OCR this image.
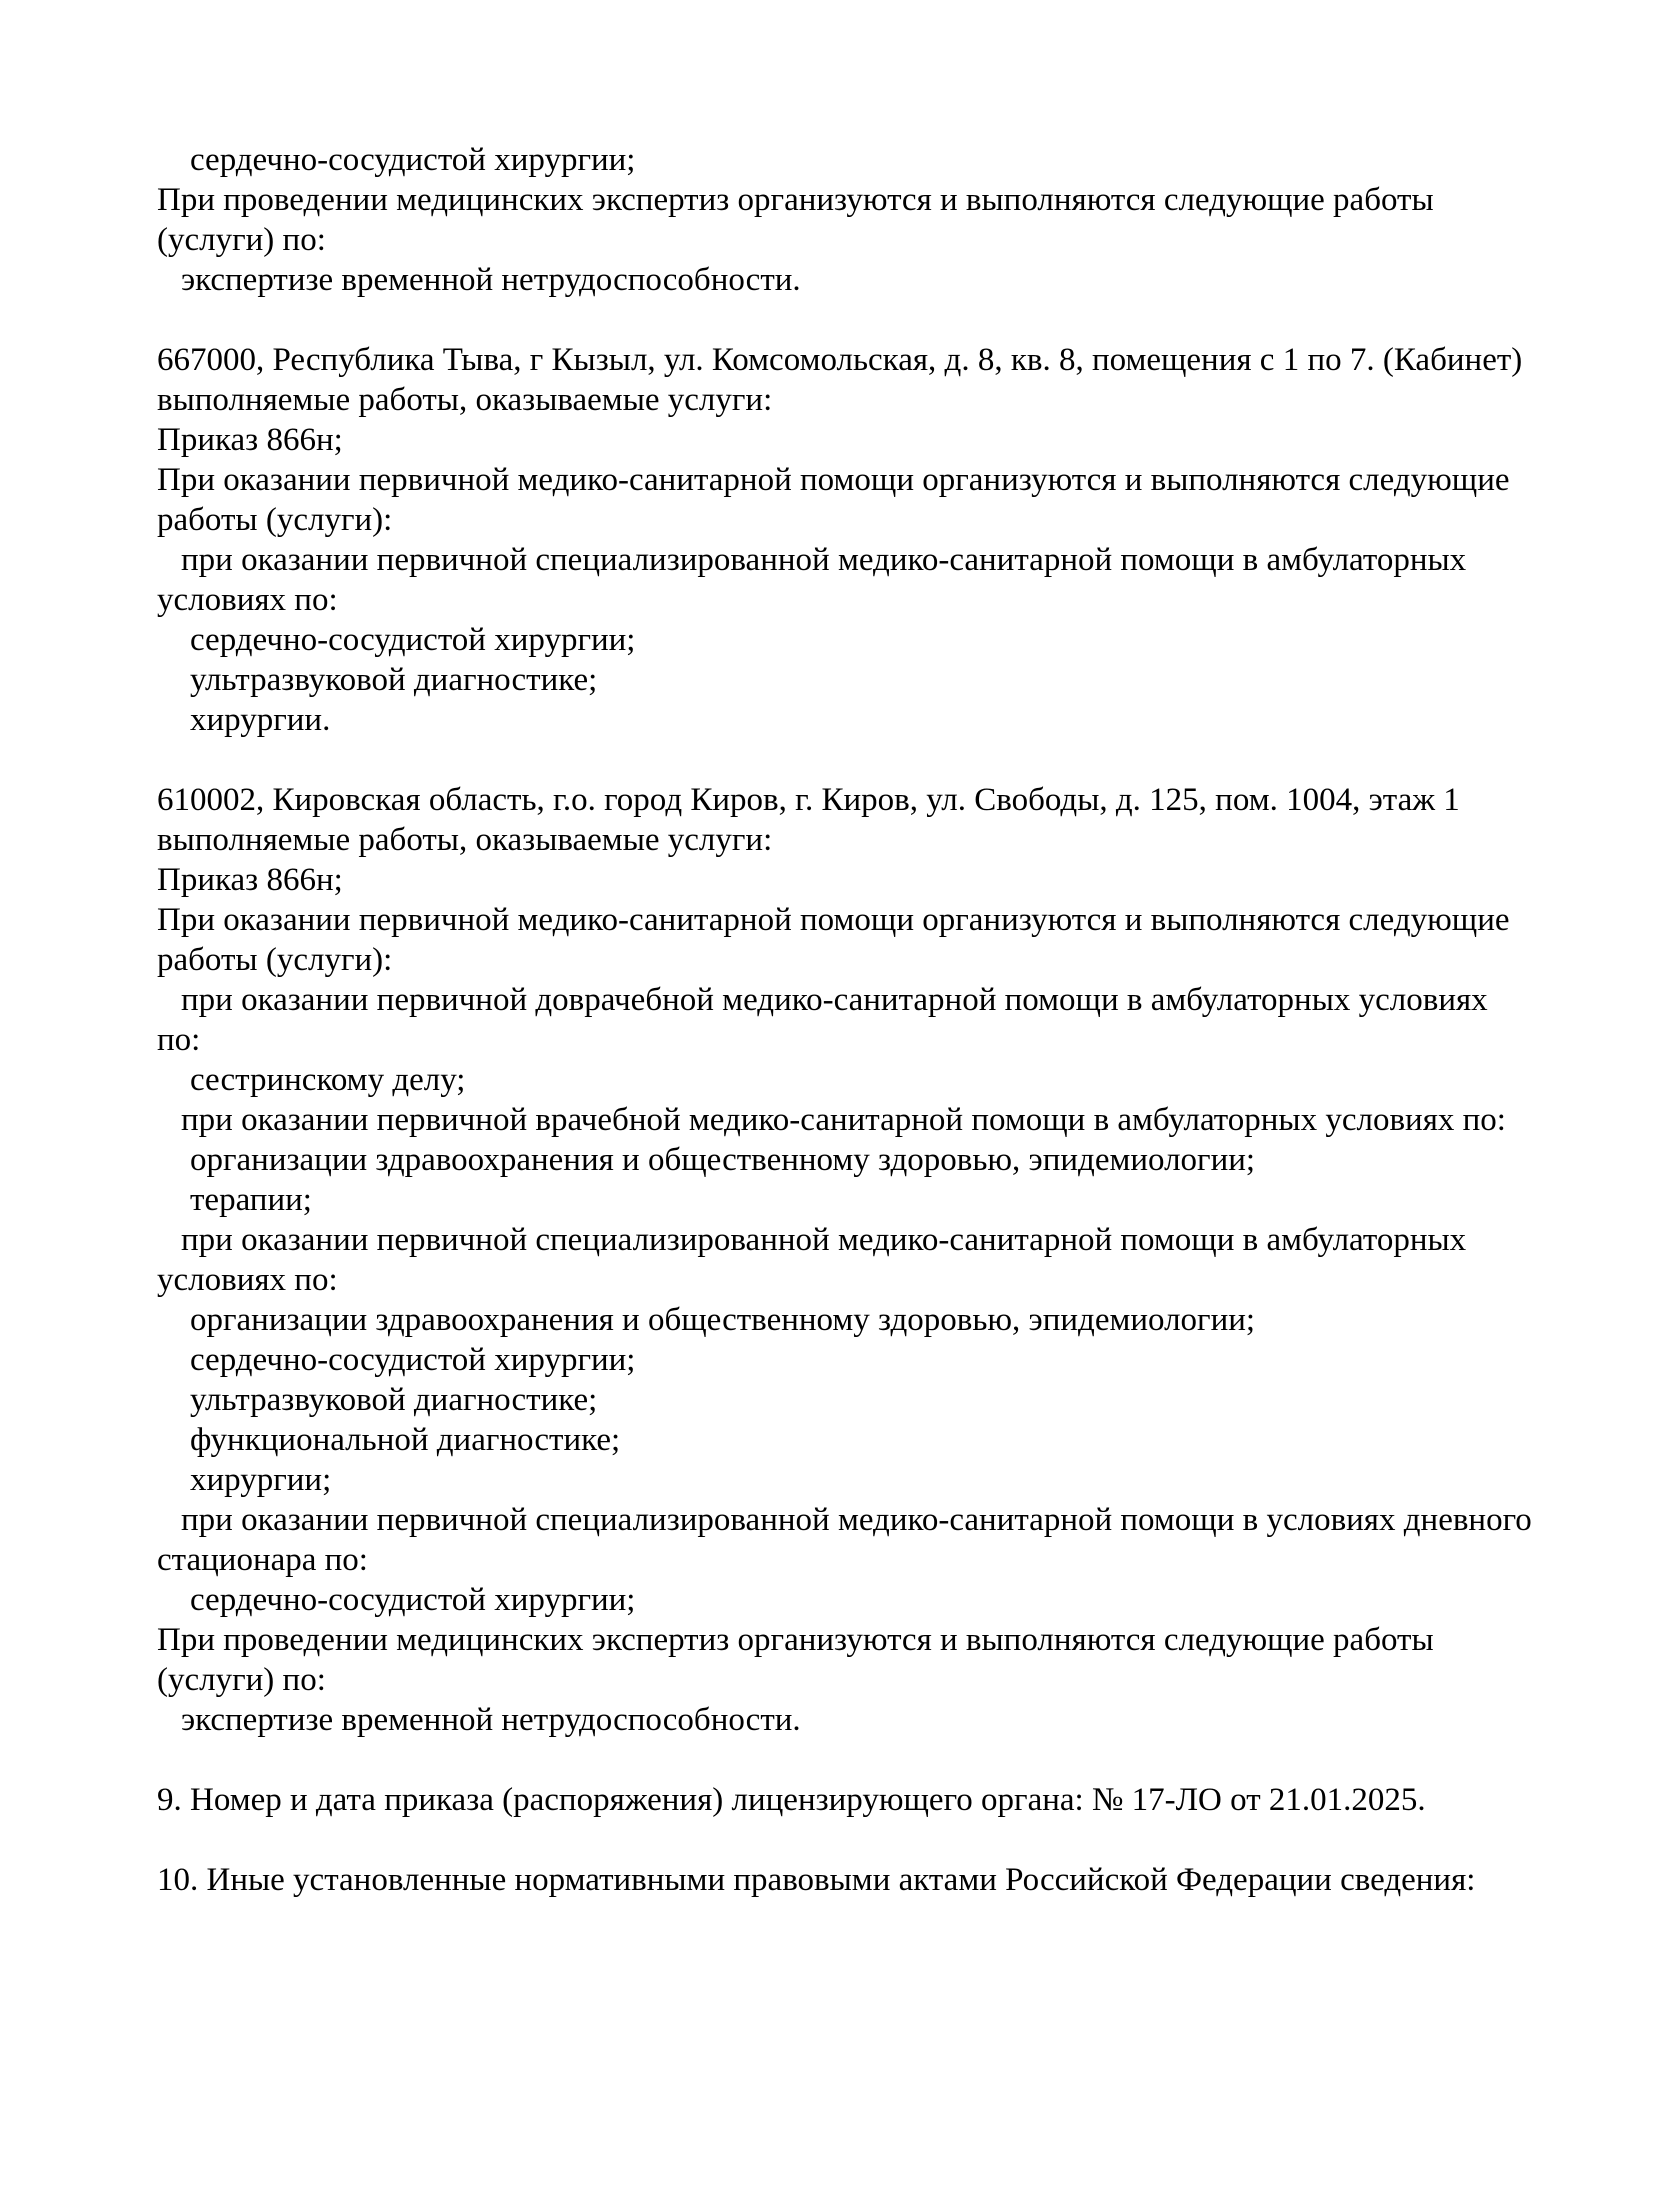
сердечно-сосудистой хирургии;
При проведении медицинских экспертиз организуются и выполняются следующие работы
(услуги) по:
экспертизе временной нетрудоспособности.

667000, Республика Тыва, г Кызыл, ул. Комсомольская, д. 8, кв. 8, помещения с 1 по 7. (Кабинет)
выполняемые работы, оказываемые услуги:
Приказ 866н;
При оказании первичной медико-санитарной помощи организуются и выполняются следующие
работы (услуги):
при оказании первичной специализированной медико-санитарной помощи в амбулаторных
условиях по:
сердечно-сосудистой хирургии;
ультразвуковой диагностике;
хирургии.

610002, Кировская область, г.о. город Киров, г. Киров, ул. Свободы, д. 125, пом. 1004, этаж 1
выполняемые работы, оказываемые услуги:
Приказ 866н;
При оказании первичной медико-санитарной помощи организуются и выполняются следующие
работы (услуги):
при оказании первичной доврачебной медико-санитарной помощи в амбулаторных условиях
по:
сестринскому делу;
при оказании первичной врачебной медико-санитарной помощи в амбулаторных условиях по:
организации здравоохранения и общественному здоровью, эпидемиологии;
терапии;
при оказании первичной специализированной медико-санитарной помощи в амбулаторных
условиях по:
организации здравоохранения и общественному здоровью, эпидемиологии;
сердечно-сосудистой хирургии;
ультразвуковой диагностике;
функциональной диагностике;
хирургии;
при оказании первичной специализированной медико-санитарной помощи в условиях дневного
стационара по:
сердечно-сосудистой хирургии;
При проведении медицинских экспертиз организуются и выполняются следующие работы
(услуги) по:
экспертизе временной нетрудоспособности.

9. Номер и дата приказа (распоряжения) лицензирующего органа: № 17-ЛО от 21.01.2025.

10. Иные установленные нормативными правовыми актами Российской Федерации сведения:
